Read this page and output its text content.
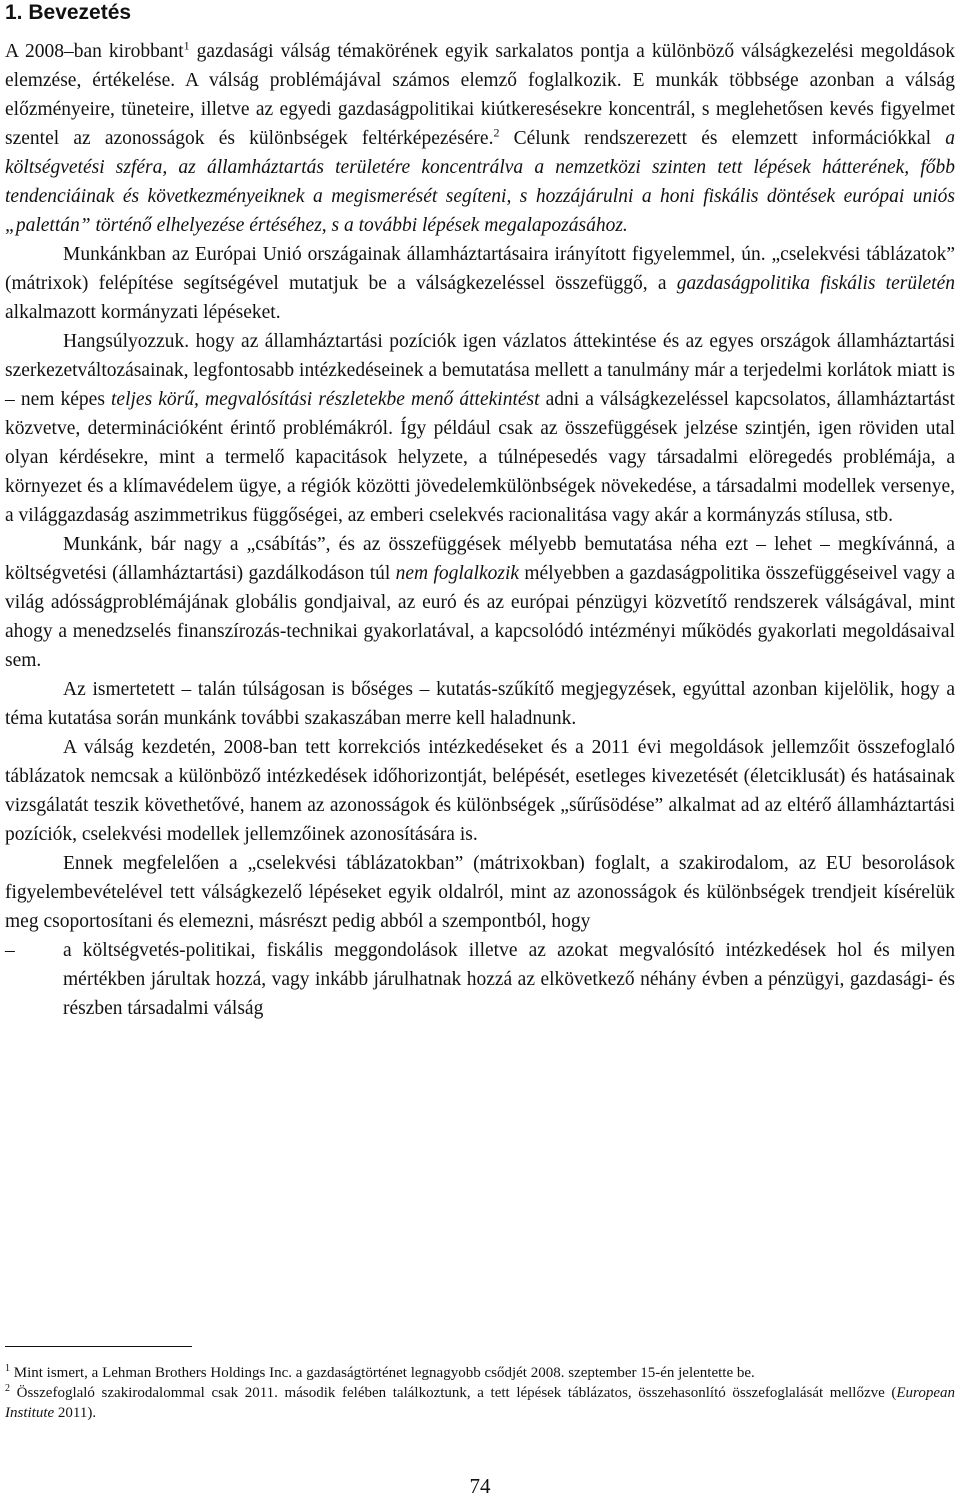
1. Bevezetés

A 2008–ban kirobbant$^1$ gazdasági válság témakörének egyik sarkalatos pontja a különböző válságkezelési megoldások elemzése, értékelése. A válság problémájával számos elemző foglalkozik. E munkák többsége azonban a válság előzményeire, tüneteire, illetve az egyedi gazdaságpolitikai kiútkeresésekre koncentrál, s meglehetősen kevés figyelmet szentel az azonosságok és különbségek feltérképezésére.$^2$ Célunk rendszerezett és elemzett információkkal a költségvetési szféra, az államháztartás területére koncentrálva a nemzetközi szinten tett lépések hátterének, főbb tendenciáinak és következményeiknek a megismerését segíteni, s hozzájárulni a honi fiskális döntések európai uniós „palettán” történő elhelyezése értéséhez, s a további lépések megalapozásához.

Munkánkban az Európai Unió országainak államháztartásaira irányított figyelemmel, ún. „cselekvési táblázatok” (mátrixok) felépítése segítségével mutatjuk be a válságkezeléssel összefüggő, a gazdaságpolitika fiskális területén alkalmazott kormányzati lépéseket.

Hangsúlyozzuk. hogy az államháztartási pozíciók igen vázlatos áttekintése és az egyes országok államháztartási szerkezetváltozásainak, legfontosabb intézkedéseinek a bemutatása mellett a tanulmány már a terjedelmi korlátok miatt is – nem képes teljes körű, megvalósítási részletekbe menő áttekintést adni a válságkezeléssel kapcsolatos, államháztartást közvetve, determinációként érintő problémákról. Így például csak az összefüggések jelzése szintjén, igen röviden utal olyan kérdésekre, mint a termelő kapacitások helyzete, a túlnépesedés vagy társadalmi elöregedés problémája, a környezet és a klímavédelem ügye, a régiók közötti jövedelemkülönbségek növekedése, a társadalmi modellek versenye, a világgazdaság aszimmetrikus függőségei, az emberi cselekvés racionalitása vagy akár a kormányzás stílusa, stb.

Munkánk, bár nagy a „csábítás”, és az összefüggések mélyebb bemutatása néha ezt – lehet – megkívánná, a költségvetési (államháztartási) gazdálkodáson túl nem foglalkozik mélyebben a gazdaságpolitika összefüggéseivel vagy a világ adósságproblémájának globális gondjaival, az euró és az európai pénzügyi közvetítő rendszerek válságával, mint ahogy a menedzselés finanszírozás-technikai gyakorlatával, a kapcsolódó intézményi működés gyakorlati megoldásaival sem.

Az ismertetett – talán túlságosan is bőséges – kutatás-szűkítő megjegyzések, egyúttal azonban kijelölik, hogy a téma kutatása során munkánk további szakaszában merre kell haladnunk.

A válság kezdetén, 2008-ban tett korrekciós intézkedéseket és a 2011 évi megoldások jellemzőit összefoglaló táblázatok nemcsak a különböző intézkedések időhorizontját, belépését, esetleges kivezetését (életciklusát) és hatásainak vizsgálatát teszik követhetővé, hanem az azonosságok és különbségek „sűrűsödése” alkalmat ad az eltérő államháztartási pozíciók, cselekvési modellek jellemzőinek azonosítására is.

Ennek megfelelően a „cselekvési táblázatokban” (mátrixokban) foglalt, a szakirodalom, az EU besorolások figyelembevételével tett válságkezelő lépéseket egyik oldalról, mint az azonosságok és különbségek trendjeit kísérelük meg csoportosítani és elemezni, másrészt pedig abból a szempontból, hogy

–	a költségvetés-politikai, fiskális meggondolások illetve az azokat megvalósító intézkedések hol és milyen mértékben járultak hozzá, vagy inkább járulhatnak hozzá az elkövetkező néhány évben a pénzügyi, gazdasági- és részben társadalmi válság

$^1$ Mint ismert, a Lehman Brothers Holdings Inc. a gazdaságtörténet legnagyobb csődjét 2008. szeptember 15-én jelentette be.

$^2$ Összefoglaló szakirodalommal csak 2011. második felében találkoztunk, a tett lépések táblázatos, összehasonlító összefoglalását mellőzve (European Institute 2011).

74
